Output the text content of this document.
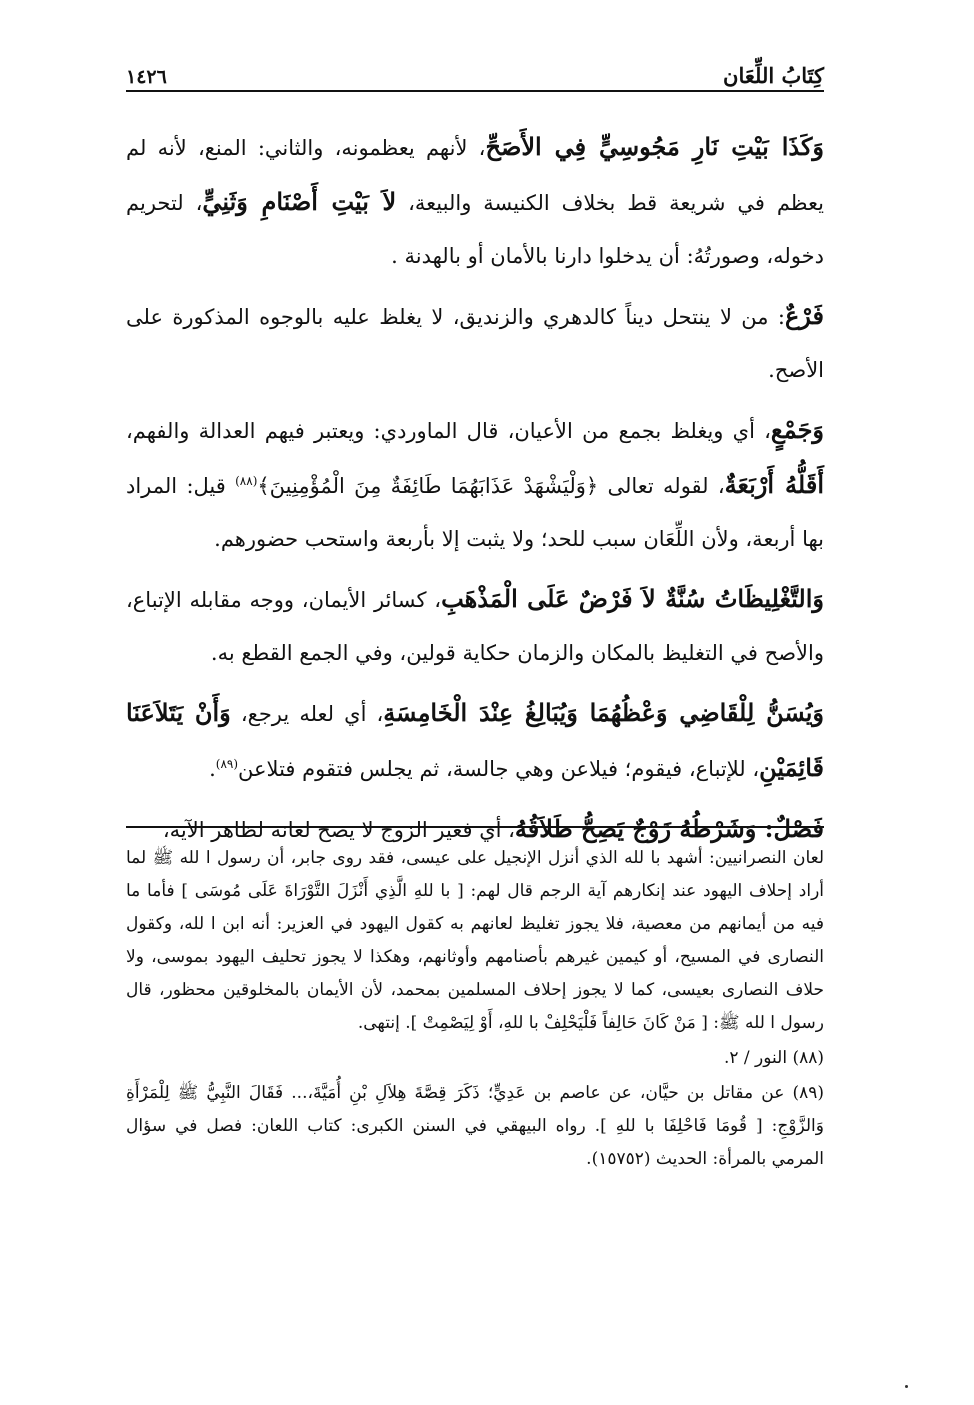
كِتَابُ اللِّعَان
١٤٢٦

وَكَذَا بَيْتِ نَارِ مَجُوسِيٍّ فِي الأَصَحِّ، لأنهم يعظمونه، والثاني: المنع، لأنه لم يعظم في شريعة قط بخلاف الكنيسة والبيعة، لاَ بَيْتِ أَصْنَامِ وَثَنِيٍّ، لتحريم دخوله، وصورتُهُ: أن يدخلوا دارنا بالأمان أو بالهدنة .

فَرْعٌ: من لا ينتحل ديناً كالدهري والزنديق، لا يغلظ عليه بالوجوه المذكورة على الأصح.

وَجَمْعٍ، أي ويغلظ بجمع من الأعيان، قال الماوردي: ويعتبر فيهم العدالة والفهم، أَقَلُّهُ أَرْبَعَةٌ، لقوله تعالى ﴿وَلْيَشْهَدْ عَذَابَهُمَا طَائِفَةٌ مِنَ الْمُؤْمِنِينَ﴾$^{(٨٨)}$ قيل: المراد بها أربعة، ولأن اللِّعَان سبب للحد؛ ولا يثبت إلا بأربعة واستحب حضورهم.

وَالتَّغْلِيظَاتُ سُنَّةٌ لاَ فَرْضٌ عَلَى الْمَذْهَبِ، كسائر الأيمان، ووجه مقابله الإتباع، والأصح في التغليظ بالمكان والزمان حكاية قولين، وفي الجمع القطع به.

وَيُسَنُّ لِلْقَاضِي وَعْظُهُمَا وَيُبَالِغُ عِنْدَ الْخَامِسَةِ، أي لعله يرجع، وَأَنْ يَتَلاَعَنَا قَائِمَيْنِ، للإتباع، فيقوم؛ فيلاعن وهي جالسة، ثم يجلس فتقوم فتلاعن$^{(٨٩)}$.

فَصْلٌ: وَشَرْطُهُ زَوْجٌ يَصِحُّ طَلاَقُهُ، أي فغير الزوج لا يصح لعانه لظاهر الآية،

لعان النصرانيين: أشهد با لله الذي أنزل الإنجيل على عيسى، فقد روى جابر، أن رسول ا لله ﷺ لما أراد إحلاف اليهود عند إنكارهم آية الرجم قال لهم: [ با للهِ الَّذِي أَنْزَلَ التَّوْرَاةَ عَلَى مُوسَى ] فأما ما فيه من أيمانهم من معصية، فلا يجوز تغليظ لعانهم به كقول اليهود في العزير: أنه ابن ا لله، وكقول النصارى في المسيح، أو كيمين غيرهم بأصنامهم وأوثانهم، وهكذا لا يجوز تحليف اليهود بموسى، ولا حلاف النصارى بعيسى، كما لا يجوز إحلاف المسلمين بمحمد، لأن الأيمان بالمخلوقين محظور، قال رسول ا لله ﷺ: [ مَنْ كَانَ حَالِفاً فَلْيَحْلِفْ با للهِ، أَوْ لِيَصْمِتْ ]. إنتهى.

(٨٨) النور / ٢.

(٨٩) عن مقاتل بن حيَّان، عن عاصم بن عَدِيٍّ؛ ذَكَرَ قِصَّةَ هِلاَلِ بْنِ أُمَيَّةَ،... فَقَالَ النَّبِيُّ ﷺ لِلْمَرْأَةِ وَالزَّوْجِ: [ قُومَا فَاحْلِفَا با للهِ ]. رواه البيهقي في السنن الكبرى: كتاب اللعان: فصل في سؤال المرمي بالمرأة: الحديث (١٥٧٥٢).
